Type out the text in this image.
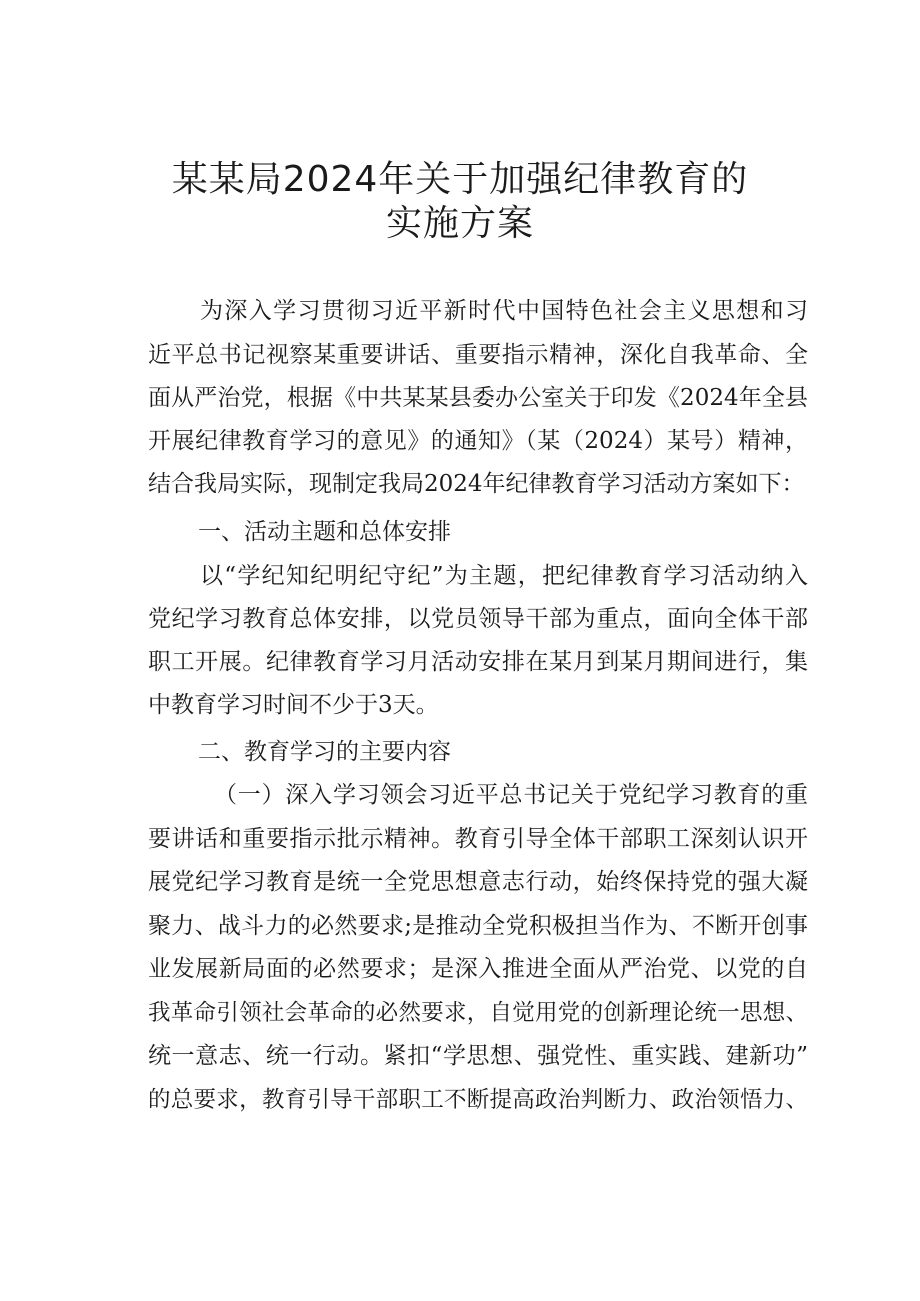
某某局2024年关于加强纪律教育的
实施方案

为深入学习贯彻习近平新时代中国特色社会主义思想和习

近平总书记视察某重要讲话、重要指示精神，深化自我革命、全

面从严治党，根据《中共某某县委办公室关于印发《2024年全县

开展纪律教育学习的意见》的通知》（某（2024）某号）精神，

结合我局实际，现制定我局2024年纪律教育学习活动方案如下：

一、活动主题和总体安排

以“学纪知纪明纪守纪”为主题，把纪律教育学习活动纳入

党纪学习教育总体安排，以党员领导干部为重点，面向全体干部

职工开展。纪律教育学习月活动安排在某月到某月期间进行，集

中教育学习时间不少于3天。

二、教育学习的主要内容

（一）深入学习领会习近平总书记关于党纪学习教育的重

要讲话和重要指示批示精神。教育引导全体干部职工深刻认识开

展党纪学习教育是统一全党思想意志行动，始终保持党的强大凝

聚力、战斗力的必然要求;是推动全党积极担当作为、不断开创事

业发展新局面的必然要求；是深入推进全面从严治党、以党的自

我革命引领社会革命的必然要求，自觉用党的创新理论统一思想、

统一意志、统一行动。紧扣“学思想、强党性、重实践、建新功”

的总要求，教育引导干部职工不断提高政治判断力、政治领悟力、
